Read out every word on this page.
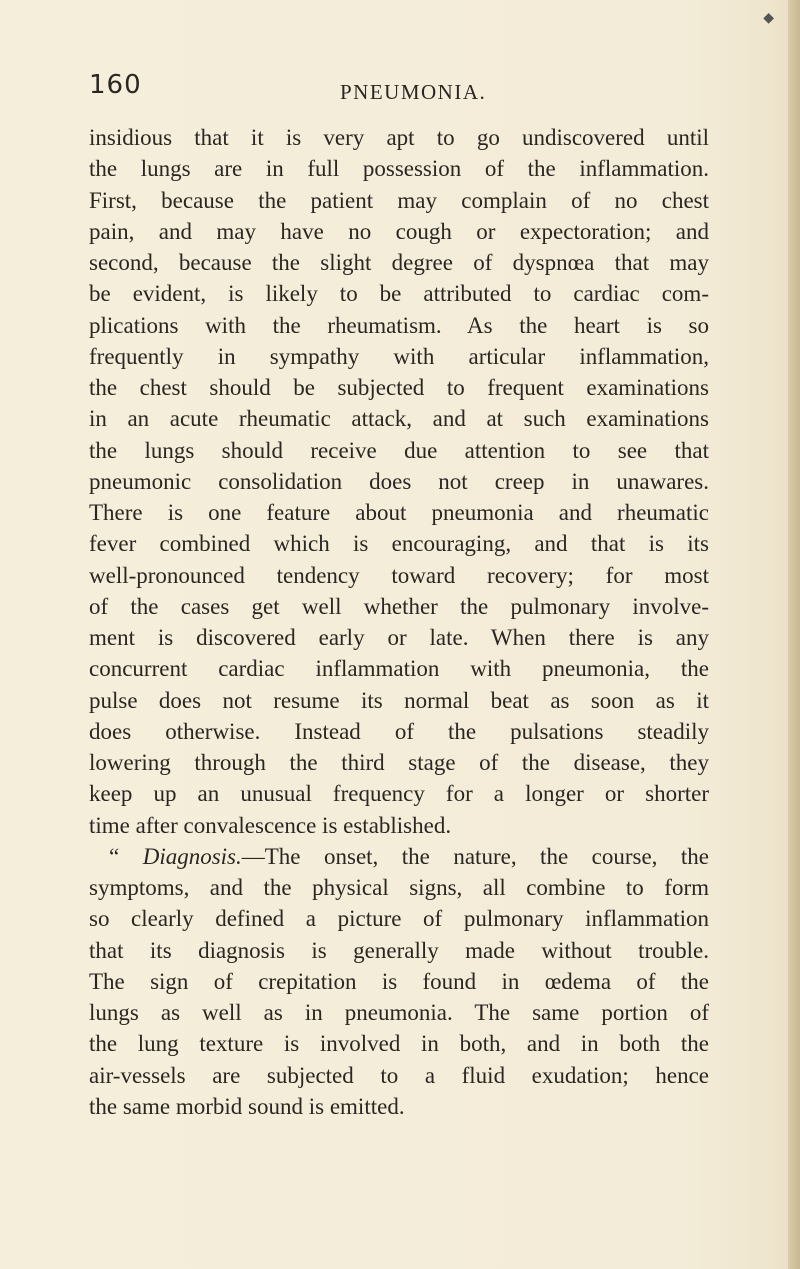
◆
160	PNEUMONIA.
insidious that it is very apt to go undiscovered until
the lungs are in full possession of the inflammation.
First, because the patient may complain of no chest
pain, and may have no cough or expectoration; and
second, because the slight degree of dyspnœa that may
be evident, is likely to be attributed to cardiac com-
plications with the rheumatism. As the heart is so
frequently in sympathy with articular inflammation,
the chest should be subjected to frequent examinations
in an acute rheumatic attack, and at such examinations
the lungs should receive due attention to see that
pneumonic consolidation does not creep in unawares.
There is one feature about pneumonia and rheumatic
fever combined which is encouraging, and that is its
well-pronounced tendency toward recovery; for most
of the cases get well whether the pulmonary involve-
ment is discovered early or late. When there is any
concurrent cardiac inflammation with pneumonia, the
pulse does not resume its normal beat as soon as it
does otherwise. Instead of the pulsations steadily
lowering through the third stage of the disease, they
keep up an unusual frequency for a longer or shorter
time after convalescence is established.
“ Diagnosis.—The onset, the nature, the course, the
symptoms, and the physical signs, all combine to form
so clearly defined a picture of pulmonary inflammation
that its diagnosis is generally made without trouble.
The sign of crepitation is found in œdema of the
lungs as well as in pneumonia. The same portion of
the lung texture is involved in both, and in both the
air-vessels are subjected to a fluid exudation; hence
the same morbid sound is emitted.
